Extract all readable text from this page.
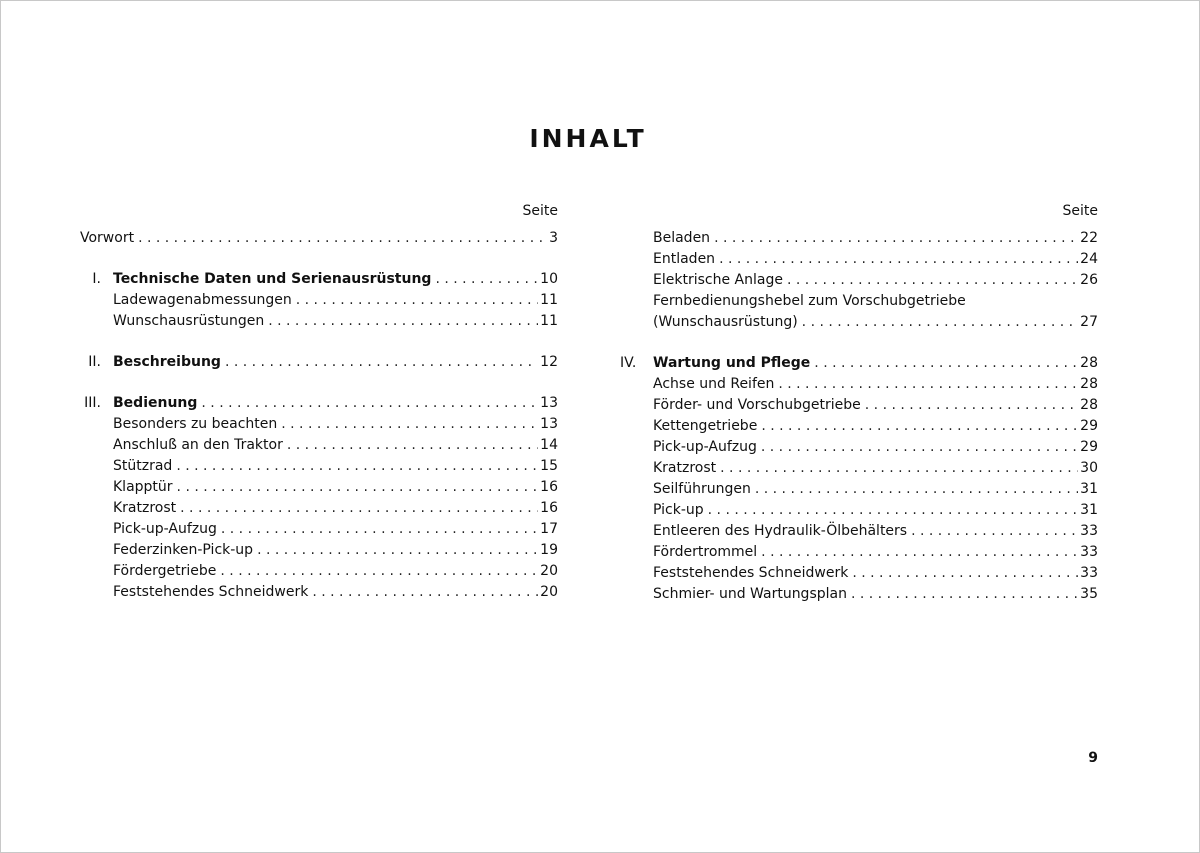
INHALT
Seite
Vorwort . . .	3
I. Technische Daten und Serienausrüstung . . .	10
Ladewagenabmessungen . . .	11
Wunschausrüstungen . . .	11
II. Beschreibung . . .	12
III. Bedienung . . .	13
Besonders zu beachten . . .	13
Anschluß an den Traktor . . .	14
Stützrad . . .	15
Klapptür . . .	16
Kratzrost . . .	16
Pick-up-Aufzug . . .	17
Federzinken-Pick-up . . .	19
Fördergetriebe . . .	20
Feststehendes Schneidwerk . . .	20
Seite
Beladen . . .	22
Entladen . . .	24
Elektrische Anlage . . .	26
Fernbedienungshebel zum Vorschubgetriebe
(Wunschausrüstung) . . .	27
IV.	Wartung und Pflege . . .	28
Achse und Reifen . . .	28
Förder- und Vorschubgetriebe . . .	28
Kettengetriebe . . .	29
Pick-up-Aufzug . . .	29
Kratzrost . . .	30
Seilführungen . . .	31
Pick-up . . .	31
Entleeren des Hydraulik-Ölbehälters . . .	33
Fördertrommel . . .	33
Feststehendes Schneidwerk . . .	33
Schmier- und Wartungsplan . . .	35
9
